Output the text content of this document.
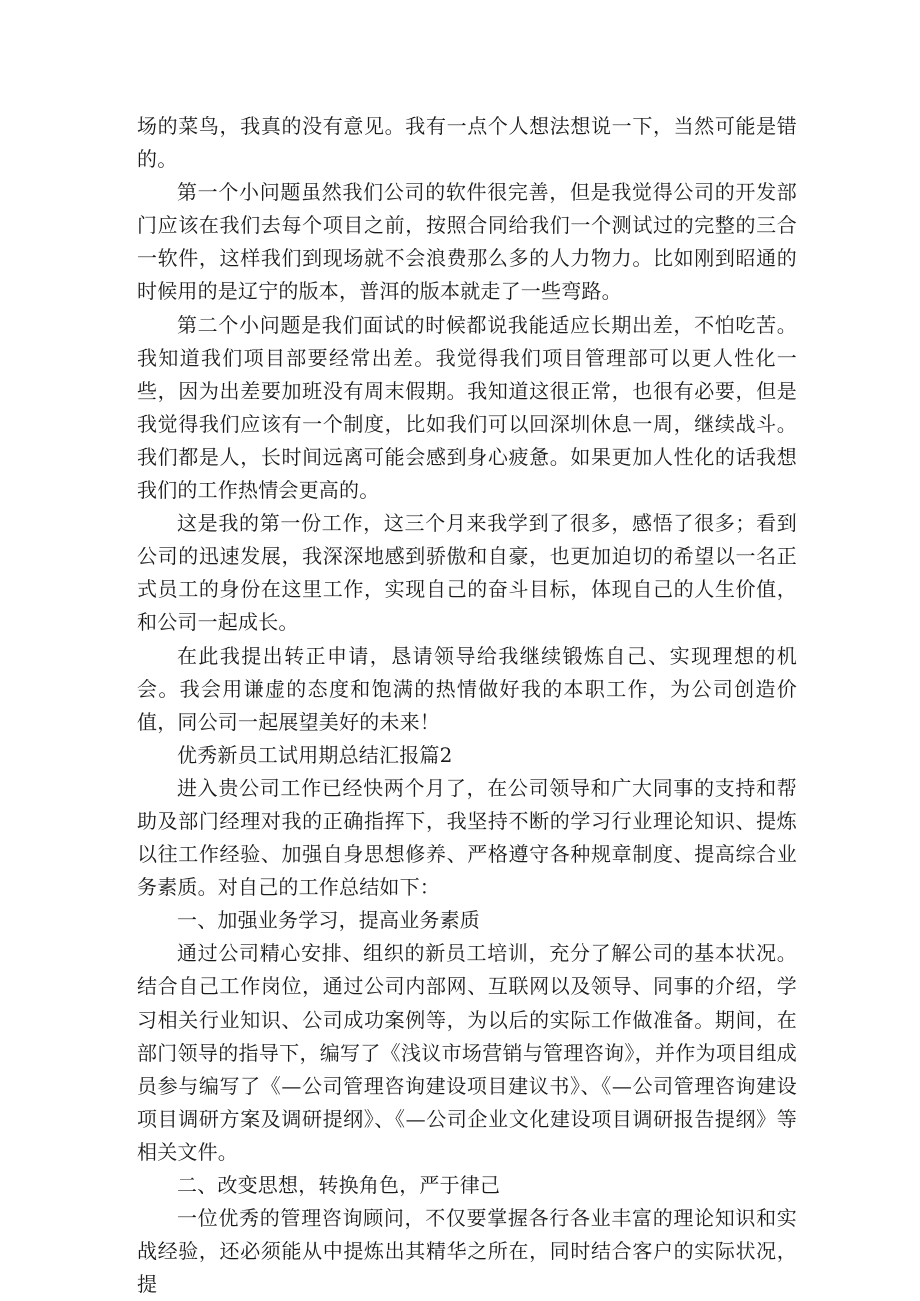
场的菜鸟，我真的没有意见。我有一点个人想法想说一下，当然可能是错的。

第一个小问题虽然我们公司的软件很完善，但是我觉得公司的开发部门应该在我们去每个项目之前，按照合同给我们一个测试过的完整的三合一软件，这样我们到现场就不会浪费那么多的人力物力。比如刚到昭通的时候用的是辽宁的版本，普洱的版本就走了一些弯路。

第二个小问题是我们面试的时候都说我能适应长期出差，不怕吃苦。我知道我们项目部要经常出差。我觉得我们项目管理部可以更人性化一些，因为出差要加班没有周末假期。我知道这很正常，也很有必要，但是我觉得我们应该有一个制度，比如我们可以回深圳休息一周，继续战斗。我们都是人，长时间远离可能会感到身心疲惫。如果更加人性化的话我想我们的工作热情会更高的。

这是我的第一份工作，这三个月来我学到了很多，感悟了很多；看到公司的迅速发展，我深深地感到骄傲和自豪，也更加迫切的希望以一名正式员工的身份在这里工作，实现自己的奋斗目标，体现自己的人生价值，和公司一起成长。

在此我提出转正申请，恳请领导给我继续锻炼自己、实现理想的机会。我会用谦虚的态度和饱满的热情做好我的本职工作，为公司创造价值，同公司一起展望美好的未来！

优秀新员工试用期总结汇报篇2

进入贵公司工作已经快两个月了，在公司领导和广大同事的支持和帮助及部门经理对我的正确指挥下，我坚持不断的学习行业理论知识、提炼以往工作经验、加强自身思想修养、严格遵守各种规章制度、提高综合业务素质。对自己的工作总结如下：

一、加强业务学习，提高业务素质

通过公司精心安排、组织的新员工培训，充分了解公司的基本状况。结合自己工作岗位，通过公司内部网、互联网以及领导、同事的介绍，学习相关行业知识、公司成功案例等，为以后的实际工作做准备。期间，在部门领导的指导下，编写了《浅议市场营销与管理咨询》，并作为项目组成员参与编写了《—公司管理咨询建设项目建议书》、《—公司管理咨询建设项目调研方案及调研提纲》、《—公司企业文化建设项目调研报告提纲》等相关文件。

二、改变思想，转换角色，严于律己

一位优秀的管理咨询顾问，不仅要掌握各行各业丰富的理论知识和实战经验，还必须能从中提炼出其精华之所在，同时结合客户的实际状况，提
